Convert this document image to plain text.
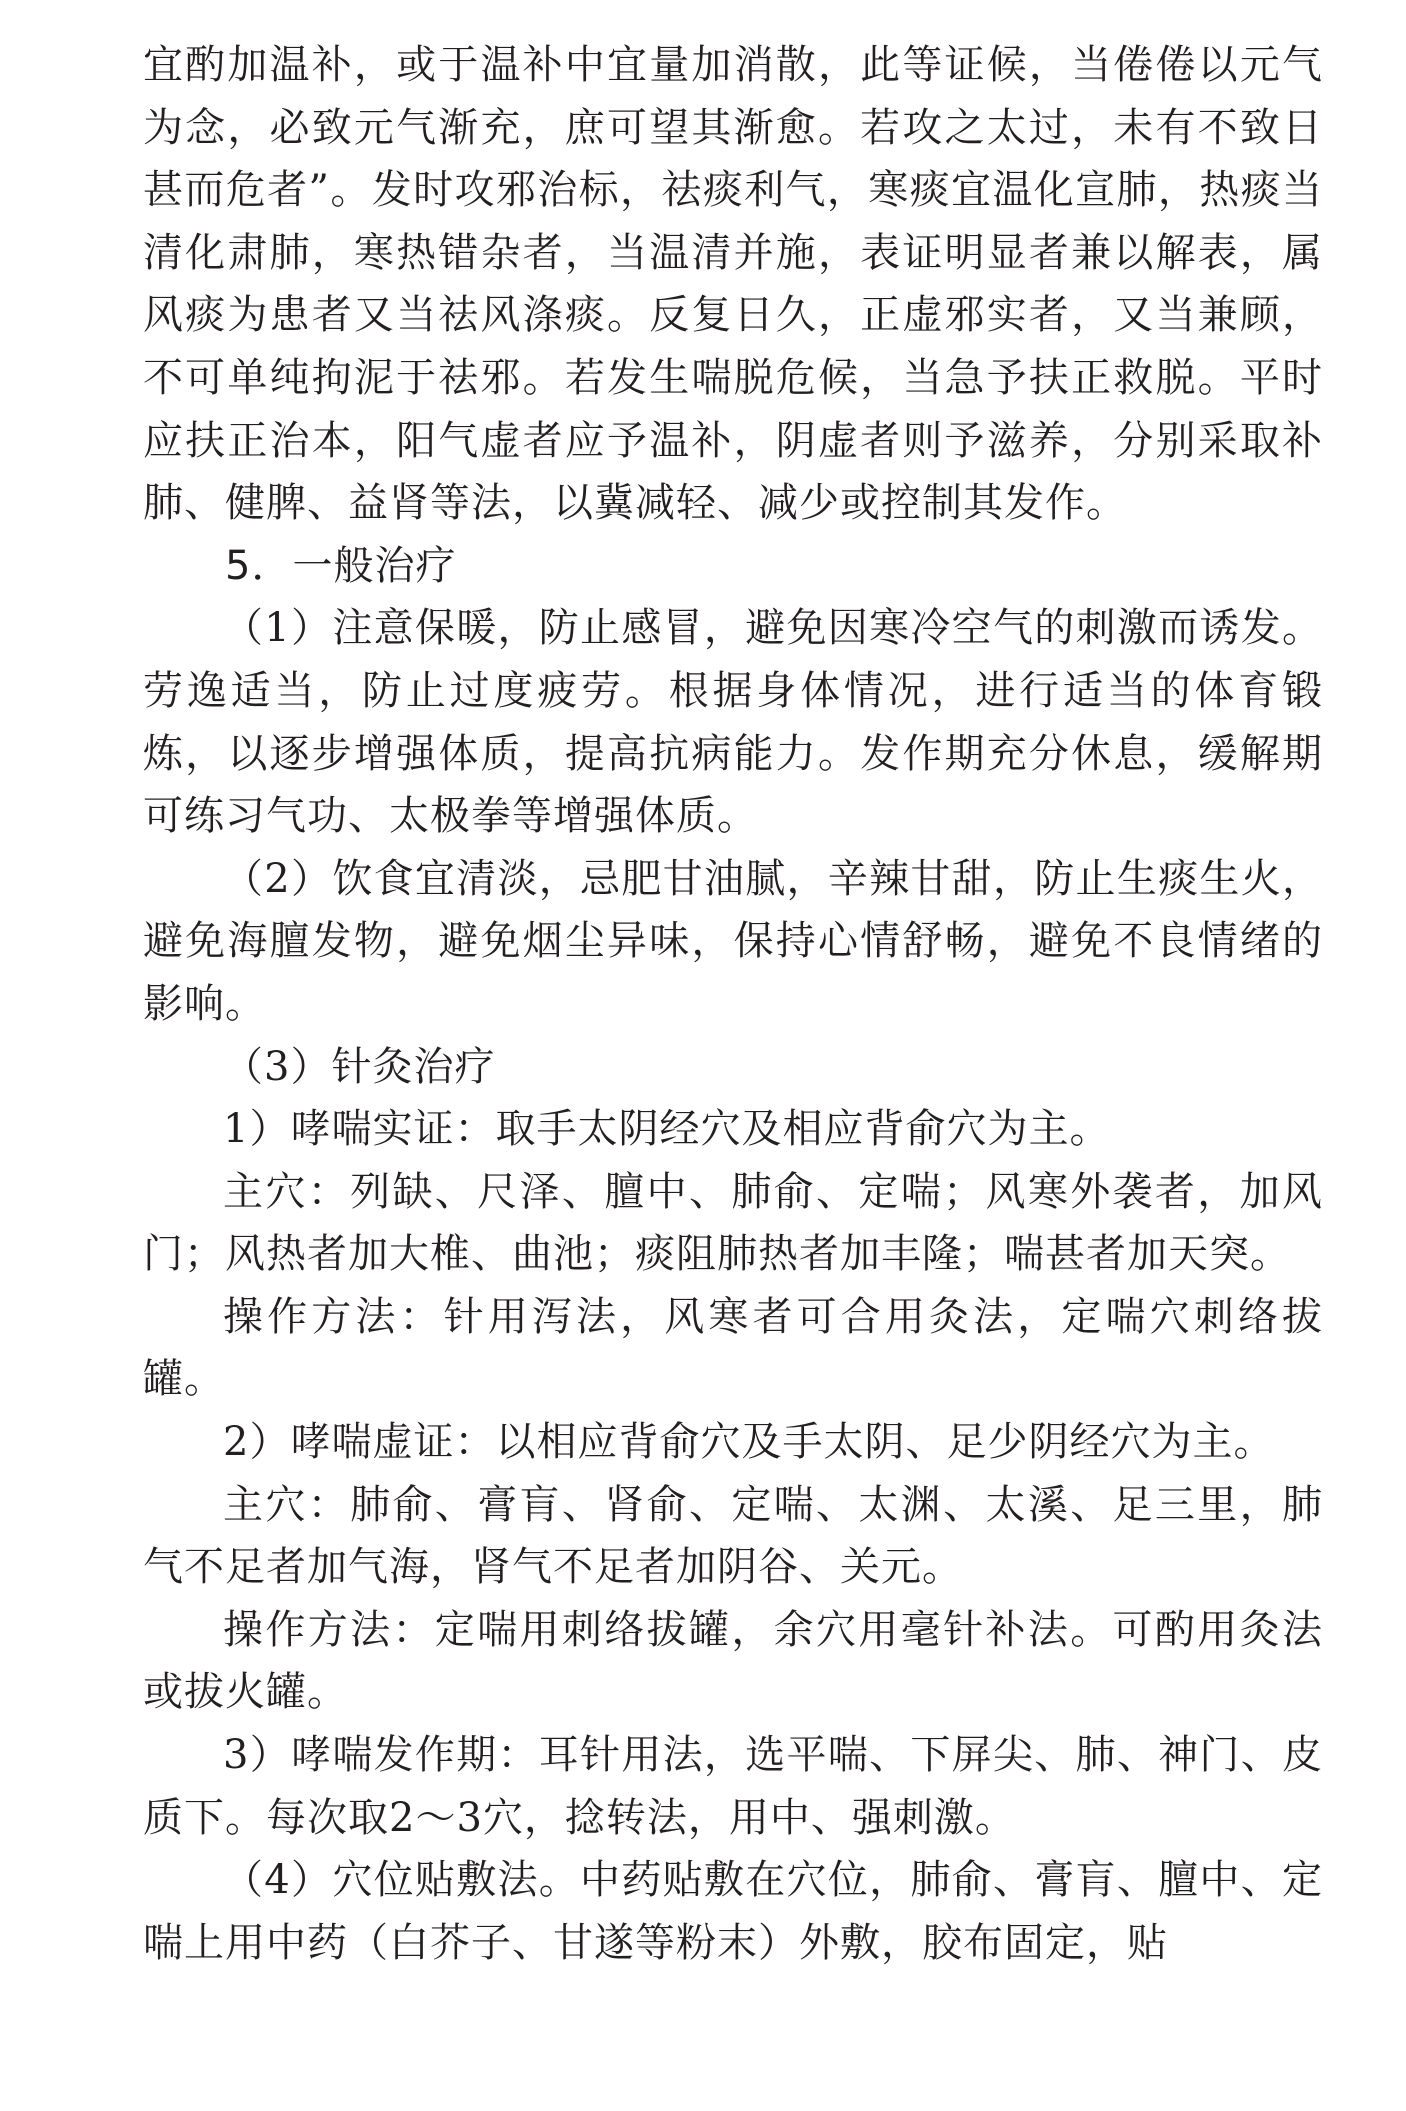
宜酌加温补，或于温补中宜量加消散，此等证候，当倦倦以元气为念，必致元气渐充，庶可望其渐愈。若攻之太过，未有不致日甚而危者”。发时攻邪治标，祛痰利气，寒痰宜温化宣肺，热痰当清化肃肺，寒热错杂者，当温清并施，表证明显者兼以解表，属风痰为患者又当祛风涤痰。反复日久，正虚邪实者，又当兼顾，不可单纯拘泥于祛邪。若发生喘脱危候，当急予扶正救脱。平时应扶正治本，阳气虚者应予温补，阴虚者则予滋养，分别采取补肺、健脾、益肾等法，以冀减轻、减少或控制其发作。

5．一般治疗

（1）注意保暖，防止感冒，避免因寒冷空气的刺激而诱发。劳逸适当，防止过度疲劳。根据身体情况，进行适当的体育锻炼，以逐步增强体质，提高抗病能力。发作期充分休息，缓解期可练习气功、太极拳等增强体质。

（2）饮食宜清淡，忌肥甘油腻，辛辣甘甜，防止生痰生火，避免海膻发物，避免烟尘异味，保持心情舒畅，避免不良情绪的影响。

（3）针灸治疗

1）哮喘实证：取手太阴经穴及相应背俞穴为主。

主穴：列缺、尺泽、膻中、肺俞、定喘；风寒外袭者，加风门；风热者加大椎、曲池；痰阻肺热者加丰隆；喘甚者加天突。

操作方法：针用泻法，风寒者可合用灸法，定喘穴刺络拔罐。

2）哮喘虚证：以相应背俞穴及手太阴、足少阴经穴为主。

主穴：肺俞、膏肓、肾俞、定喘、太渊、太溪、足三里，肺气不足者加气海，肾气不足者加阴谷、关元。

操作方法：定喘用刺络拔罐，余穴用毫针补法。可酌用灸法或拔火罐。

3）哮喘发作期：耳针用法，选平喘、下屏尖、肺、神门、皮质下。每次取2～3穴，捻转法，用中、强刺激。

（4）穴位贴敷法。中药贴敷在穴位，肺俞、膏肓、膻中、定喘上用中药（白芥子、甘遂等粉末）外敷，胶布固定，贴
